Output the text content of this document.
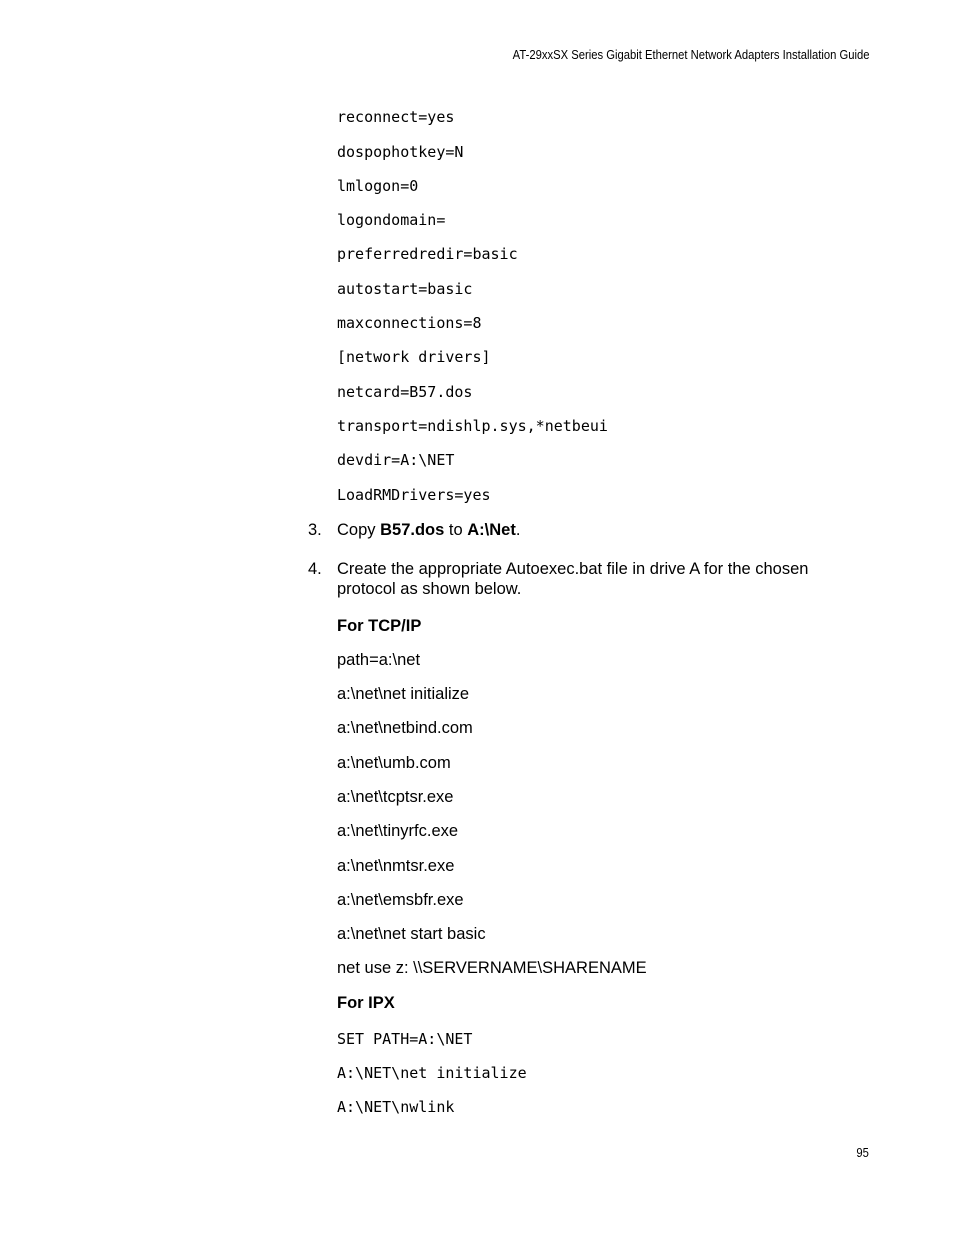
AT-29xxSX Series Gigabit Ethernet Network Adapters Installation Guide
reconnect=yes
dospophotkey=N
lmlogon=0
logondomain=
preferredredir=basic
autostart=basic
maxconnections=8
[network drivers]
netcard=B57.dos
transport=ndishlp.sys,*netbeui
devdir=A:\NET
LoadRMDrivers=yes
3. Copy B57.dos to A:\Net.
4. Create the appropriate Autoexec.bat file in drive A for the chosen protocol as shown below.
For TCP/IP
path=a:\net
a:\net\net initialize
a:\net\netbind.com
a:\net\umb.com
a:\net\tcptsr.exe
a:\net\tinyrfc.exe
a:\net\nmtsr.exe
a:\net\emsbfr.exe
a:\net\net start basic
net use z: \\SERVERNAME\SHARENAME
For IPX
SET PATH=A:\NET
A:\NET\net initialize
A:\NET\nwlink
95
